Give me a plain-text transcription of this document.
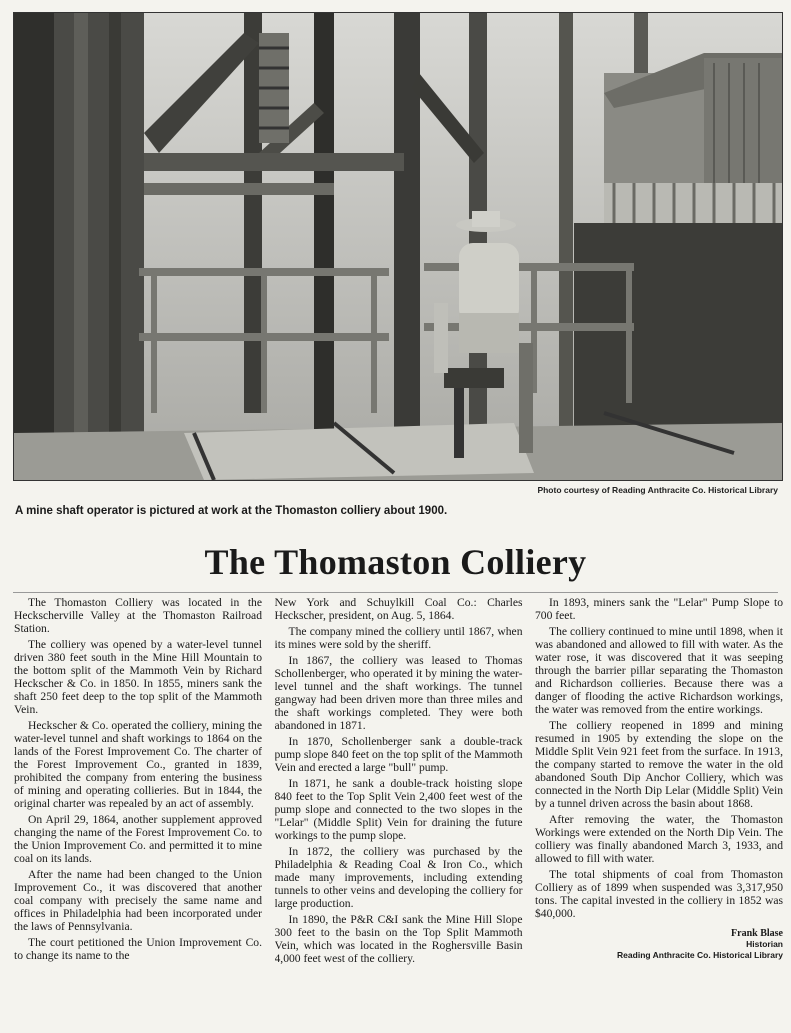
Photo courtesy of Reading Anthracite Co. Historical Library
A mine shaft operator is pictured at work at the Thomaston colliery about 1900.
The Thomaston Colliery

The Thomaston Colliery was located in the Heckscherville Valley at the Thomaston Railroad Station.

The colliery was opened by a water-level tunnel driven 380 feet south in the Mine Hill Mountain to the bottom split of the Mammoth Vein by Richard Heckscher & Co. in 1850. In 1855, miners sank the shaft 250 feet deep to the top split of the Mammoth Vein.

Heckscher & Co. operated the colliery, mining the water-level tunnel and shaft workings to 1864 on the lands of the Forest Improvement Co. The charter of the Forest Improvement Co., granted in 1839, prohibited the company from entering the business of mining and operating collieries. But in 1844, the original charter was repealed by an act of assembly.

On April 29, 1864, another supplement approved changing the name of the Forest Improvement Co. to the Union Improvement Co. and permitted it to mine coal on its lands.

After the name had been changed to the Union Improvement Co., it was discovered that another coal company with precisely the same name and offices in Philadelphia had been incorporated under the laws of Pennsylvania.

The court petitioned the Union Improvement Co. to change its name to the

New York and Schuylkill Coal Co.: Charles Heckscher, president, on Aug. 5, 1864.

The company mined the colliery until 1867, when its mines were sold by the sheriff.

In 1867, the colliery was leased to Thomas Schollenberger, who operated it by mining the water-level tunnel and the shaft workings. The tunnel gangway had been driven more than three miles and the shaft workings completed. They were both abandoned in 1871.

In 1870, Schollenberger sank a double-track pump slope 840 feet on the top split of the Mammoth Vein and erected a large "bull" pump.

In 1871, he sank a double-track hoisting slope 840 feet to the Top Split Vein 2,400 feet west of the pump slope and connected to the two slopes in the "Lelar" (Middle Split) Vein for draining the future workings to the pump slope.

In 1872, the colliery was purchased by the Philadelphia & Reading Coal & Iron Co., which made many improvements, including extending tunnels to other veins and developing the colliery for large production.

In 1890, the P&R C&I sank the Mine Hill Slope 300 feet to the basin on the Top Split Mammoth Vein, which was located in the Roghersville Basin 4,000 feet west of the colliery.

In 1893, miners sank the "Lelar" Pump Slope to 700 feet.

The colliery continued to mine until 1898, when it was abandoned and allowed to fill with water. As the water rose, it was discovered that it was seeping through the barrier pillar separating the Thomaston and Richardson collieries. Because there was a danger of flooding the active Richardson workings, the water was removed from the entire workings.

The colliery reopened in 1899 and mining resumed in 1905 by extending the slope on the Middle Split Vein 921 feet from the surface. In 1913, the company started to remove the water in the old abandoned South Dip Anchor Colliery, which was connected in the North Dip Lelar (Middle Split) Vein by a tunnel driven across the basin about 1868.

After removing the water, the Thomaston Workings were extended on the North Dip Vein. The colliery was finally abandoned March 3, 1933, and allowed to fill with water.

The total shipments of coal from Thomaston Colliery as of 1899 when suspended was 3,317,950 tons. The capital invested in the colliery in 1852 was $40,000.

Frank Blase
Historian
Reading Anthracite Co. Historical Library
